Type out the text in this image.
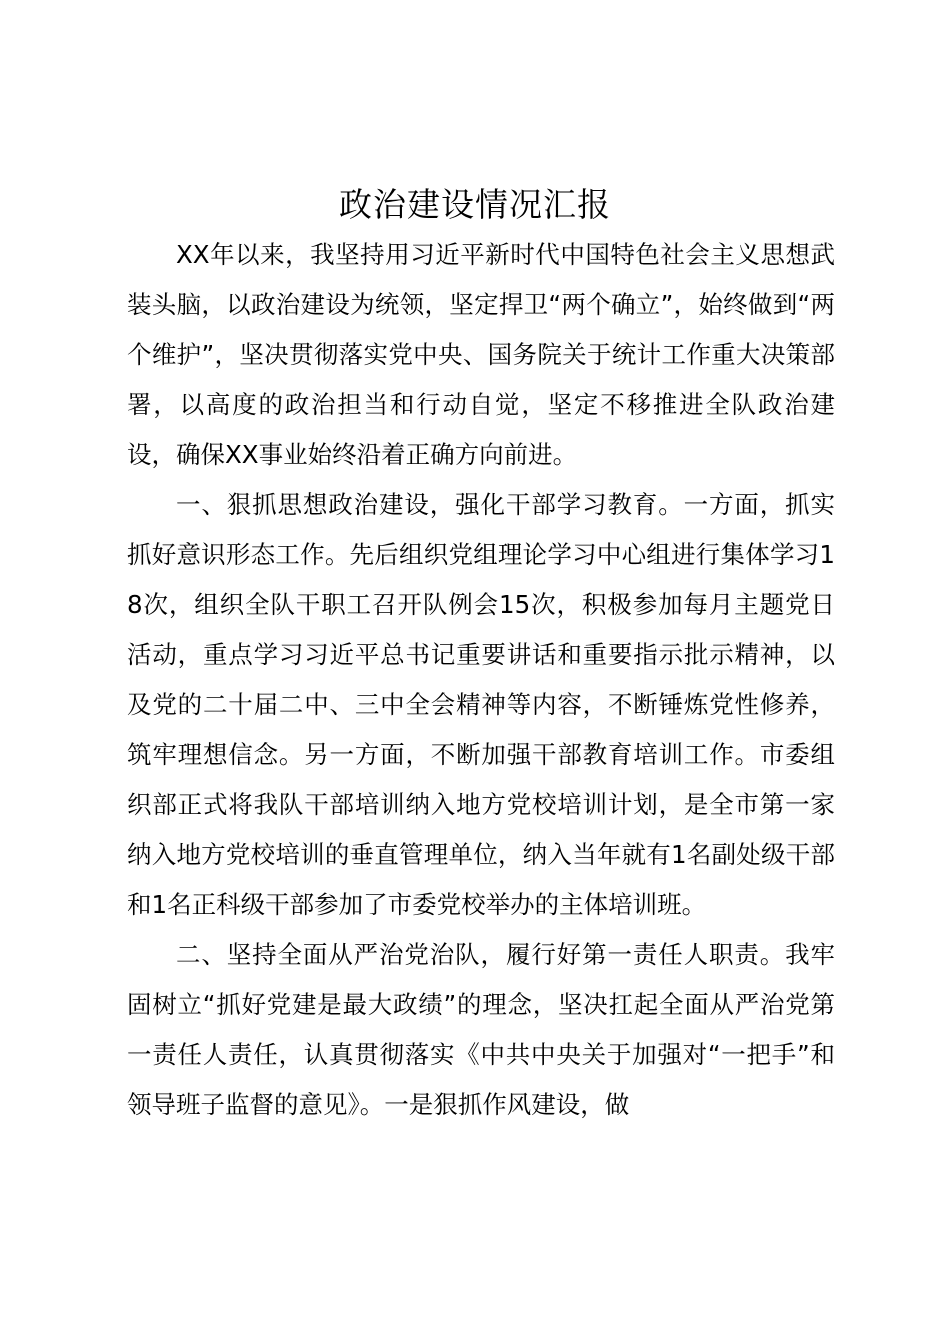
政治建设情况汇报

XX年以来，我坚持用习近平新时代中国特色社会主义思想武装头脑，以政治建设为统领，坚定捍卫“两个确立”，始终做到“两个维护”，坚决贯彻落实党中央、国务院关于统计工作重大决策部署，以高度的政治担当和行动自觉，坚定不移推进全队政治建设，确保XX事业始终沿着正确方向前进。

一、狠抓思想政治建设，强化干部学习教育。一方面，抓实抓好意识形态工作。先后组织党组理论学习中心组进行集体学习18次，组织全队干职工召开队例会15次，积极参加每月主题党日活动，重点学习习近平总书记重要讲话和重要指示批示精神，以及党的二十届二中、三中全会精神等内容，不断锤炼党性修养，筑牢理想信念。另一方面，不断加强干部教育培训工作。市委组织部正式将我队干部培训纳入地方党校培训计划，是全市第一家纳入地方党校培训的垂直管理单位，纳入当年就有1名副处级干部和1名正科级干部参加了市委党校举办的主体培训班。

二、坚持全面从严治党治队，履行好第一责任人职责。我牢固树立“抓好党建是最大政绩”的理念，坚决扛起全面从严治党第一责任人责任，认真贯彻落实《中共中央关于加强对“一把手”和领导班子监督的意见》。一是狠抓作风建设，做
